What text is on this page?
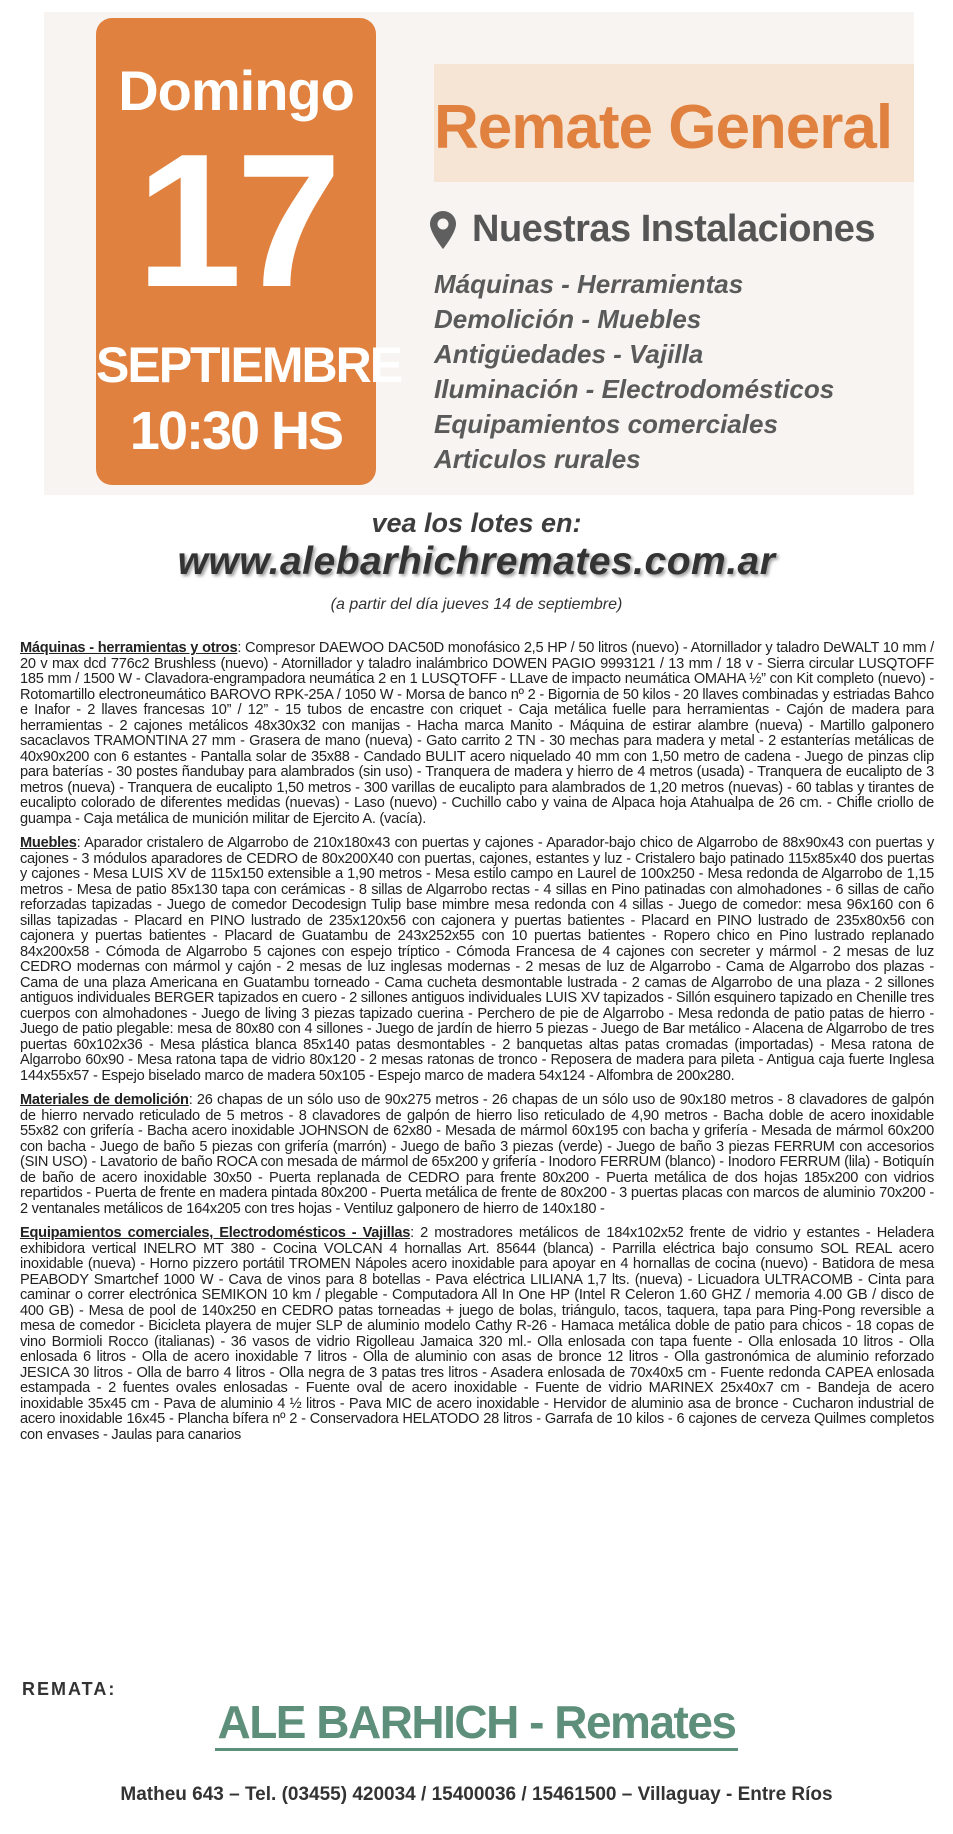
Domingo
17
SEPTIEMBRE
10:30 HS
Remate General
Nuestras Instalaciones
Máquinas - Herramientas
Demolición - Muebles
Antigüedades - Vajilla
Iluminación - Electrodomésticos
Equipamientos comerciales
Articulos rurales
vea los lotes en:
www.alebarhichremates.com.ar
(a partir del día jueves 14 de septiembre)

Máquinas - herramientas y otros: Compresor DAEWOO DAC50D monofásico 2,5 HP / 50 litros (nuevo) - Atornillador y taladro DeWALT 10 mm / 20 v max dcd 776c2 Brushless (nuevo) - Atornillador y taladro inalámbrico DOWEN PAGIO 9993121 / 13 mm / 18 v - Sierra circular LUSQTOFF 185 mm / 1500 W - Clavadora-engrampadora neumática 2 en 1 LUSQTOFF - LLave de impacto neumática OMAHA ½” con Kit completo (nuevo) - Rotomartillo electroneumático BAROVO RPK-25A / 1050 W - Morsa de banco nº 2 - Bigornia de 50 kilos - 20 llaves combinadas y estriadas Bahco e Inafor - 2 llaves francesas 10” / 12” - 15 tubos de encastre con criquet - Caja metálica fuelle para herramientas - Cajón de madera para herramientas - 2 cajones metálicos 48x30x32 con manijas - Hacha marca Manito - Máquina de estirar alambre (nueva) - Martillo galponero sacaclavos TRAMONTINA 27 mm - Grasera de mano (nueva) - Gato carrito 2 TN - 30 mechas para madera y metal - 2 estanterías metálicas de 40x90x200 con 6 estantes - Pantalla solar de 35x88 - Candado BULIT acero niquelado 40 mm con 1,50 metro de cadena - Juego de pinzas clip para baterías - 30 postes ñandubay para alambrados (sin uso) - Tranquera de madera y hierro de 4 metros (usada) - Tranquera de eucalipto de 3 metros (nueva) - Tranquera de eucalipto 1,50 metros - 300 varillas de eucalipto para alambrados de 1,20 metros (nuevas) - 60 tablas y tirantes de eucalipto colorado de diferentes medidas (nuevas) - Laso (nuevo) - Cuchillo cabo y vaina de Alpaca hoja Atahualpa de 26 cm. - Chifle criollo de guampa - Caja metálica de munición militar de Ejercito A. (vacía).

Muebles: Aparador cristalero de Algarrobo de 210x180x43 con puertas y cajones - Aparador-bajo chico de Algarrobo de 88x90x43 con puertas y cajones - 3 módulos aparadores de CEDRO de 80x200X40 con puertas, cajones, estantes y luz - Cristalero bajo patinado 115x85x40 dos puertas y cajones - Mesa LUIS XV de 115x150 extensible a 1,90 metros - Mesa estilo campo en Laurel de 100x250 - Mesa redonda de Algarrobo de 1,15 metros - Mesa de patio 85x130 tapa con cerámicas - 8 sillas de Algarrobo rectas - 4 sillas en Pino patinadas con almohadones - 6 sillas de caño reforzadas tapizadas - Juego de comedor Decodesign Tulip base mimbre mesa redonda con 4 sillas - Juego de comedor: mesa 96x160 con 6 sillas tapizadas - Placard en PINO lustrado de 235x120x56 con cajonera y puertas batientes - Placard en PINO lustrado de 235x80x56 con cajonera y puertas batientes - Placard de Guatambu de 243x252x55 con 10 puertas batientes - Ropero chico en Pino lustrado replanado 84x200x58 - Cómoda de Algarrobo 5 cajones con espejo tríptico - Cómoda Francesa de 4 cajones con secreter y mármol - 2 mesas de luz CEDRO modernas con mármol y cajón - 2 mesas de luz inglesas modernas - 2 mesas de luz de Algarrobo - Cama de Algarrobo dos plazas - Cama de una plaza Americana en Guatambu torneado - Cama cucheta desmontable lustrada - 2 camas de Algarrobo de una plaza - 2 sillones antiguos individuales BERGER tapizados en cuero - 2 sillones antiguos individuales LUIS XV tapizados - Sillón esquinero tapizado en Chenille tres cuerpos con almohadones - Juego de living 3 piezas tapizado cuerina - Perchero de pie de Algarrobo - Mesa redonda de patio patas de hierro - Juego de patio plegable: mesa de 80x80 con 4 sillones - Juego de jardín de hierro 5 piezas - Juego de Bar metálico - Alacena de Algarrobo de tres puertas 60x102x36 - Mesa plástica blanca 85x140 patas desmontables - 2 banquetas altas patas cromadas (importadas) - Mesa ratona de Algarrobo 60x90 - Mesa ratona tapa de vidrio 80x120 - 2 mesas ratonas de tronco - Reposera de madera para pileta - Antigua caja fuerte Inglesa 144x55x57 - Espejo biselado marco de madera 50x105 - Espejo marco de madera 54x124 - Alfombra de 200x280.

Materiales de demolición: 26 chapas de un sólo uso de 90x275 metros - 26 chapas de un sólo uso de 90x180 metros - 8 clavadores de galpón de hierro nervado reticulado de 5 metros - 8 clavadores de galpón de hierro liso reticulado de 4,90 metros - Bacha doble de acero inoxidable 55x82 con grifería - Bacha acero inoxidable JOHNSON de 62x80 - Mesada de mármol 60x195 con bacha y grifería - Mesada de mármol 60x200 con bacha - Juego de baño 5 piezas con grifería (marrón) - Juego de baño 3 piezas (verde) - Juego de baño 3 piezas FERRUM con accesorios (SIN USO) - Lavatorio de baño ROCA con mesada de mármol de 65x200 y grifería - Inodoro FERRUM (blanco) - Inodoro FERRUM (lila) - Botiquín de baño de acero inoxidable 30x50 - Puerta replanada de CEDRO para frente 80x200 - Puerta metálica de dos hojas 185x200 con vidrios repartidos - Puerta de frente en madera pintada 80x200 - Puerta metálica de frente de 80x200 - 3 puertas placas con marcos de aluminio 70x200 - 2 ventanales metálicos de 164x205 con tres hojas - Ventiluz galponero de hierro de 140x180 -

Equipamientos comerciales, Electrodomésticos - Vajillas: 2 mostradores metálicos de 184x102x52 frente de vidrio y estantes - Heladera exhibidora vertical INELRO MT 380 - Cocina VOLCAN 4 hornallas Art. 85644 (blanca) - Parrilla eléctrica bajo consumo SOL REAL acero inoxidable (nueva) - Horno pizzero portátil TROMEN Nápoles acero inoxidable para apoyar en 4 hornallas de cocina (nuevo) - Batidora de mesa PEABODY Smartchef 1000 W - Cava de vinos para 8 botellas - Pava eléctrica LILIANA 1,7 lts. (nueva) - Licuadora ULTRACOMB - Cinta para caminar o correr electrónica SEMIKON 10 km / plegable - Computadora All In One HP (Intel R Celeron 1.60 GHZ / memoria 4.00 GB / disco de 400 GB) - Mesa de pool de 140x250 en CEDRO patas torneadas + juego de bolas, triángulo, tacos, taquera, tapa para Ping-Pong reversible a mesa de comedor - Bicicleta playera de mujer SLP de aluminio modelo Cathy R-26 - Hamaca metálica doble de patio para chicos - 18 copas de vino Bormioli Rocco (italianas) - 36 vasos de vidrio Rigolleau Jamaica 320 ml.- Olla enlosada con tapa fuente - Olla enlosada 10 litros - Olla enlosada 6 litros - Olla de acero inoxidable 7 litros - Olla de aluminio con asas de bronce 12 litros - Olla gastronómica de aluminio reforzado JESICA 30 litros - Olla de barro 4 litros - Olla negra de 3 patas tres litros - Asadera enlosada de 70x40x5 cm - Fuente redonda CAPEA enlosada estampada - 2 fuentes ovales enlosadas - Fuente oval de acero inoxidable - Fuente de vidrio MARINEX 25x40x7 cm - Bandeja de acero inoxidable 35x45 cm - Pava de aluminio 4 ½ litros - Pava MIC de acero inoxidable - Hervidor de aluminio asa de bronce - Cucharon industrial de acero inoxidable 16x45 - Plancha bífera nº 2 - Conservadora HELATODO 28 litros - Garrafa de 10 kilos - 6 cajones de cerveza Quilmes completos con envases - Jaulas para canarios

REMATA:
ALE BARHICH - Remates
Matheu 643 – Tel. (03455) 420034 / 15400036 / 15461500 – Villaguay - Entre Ríos
